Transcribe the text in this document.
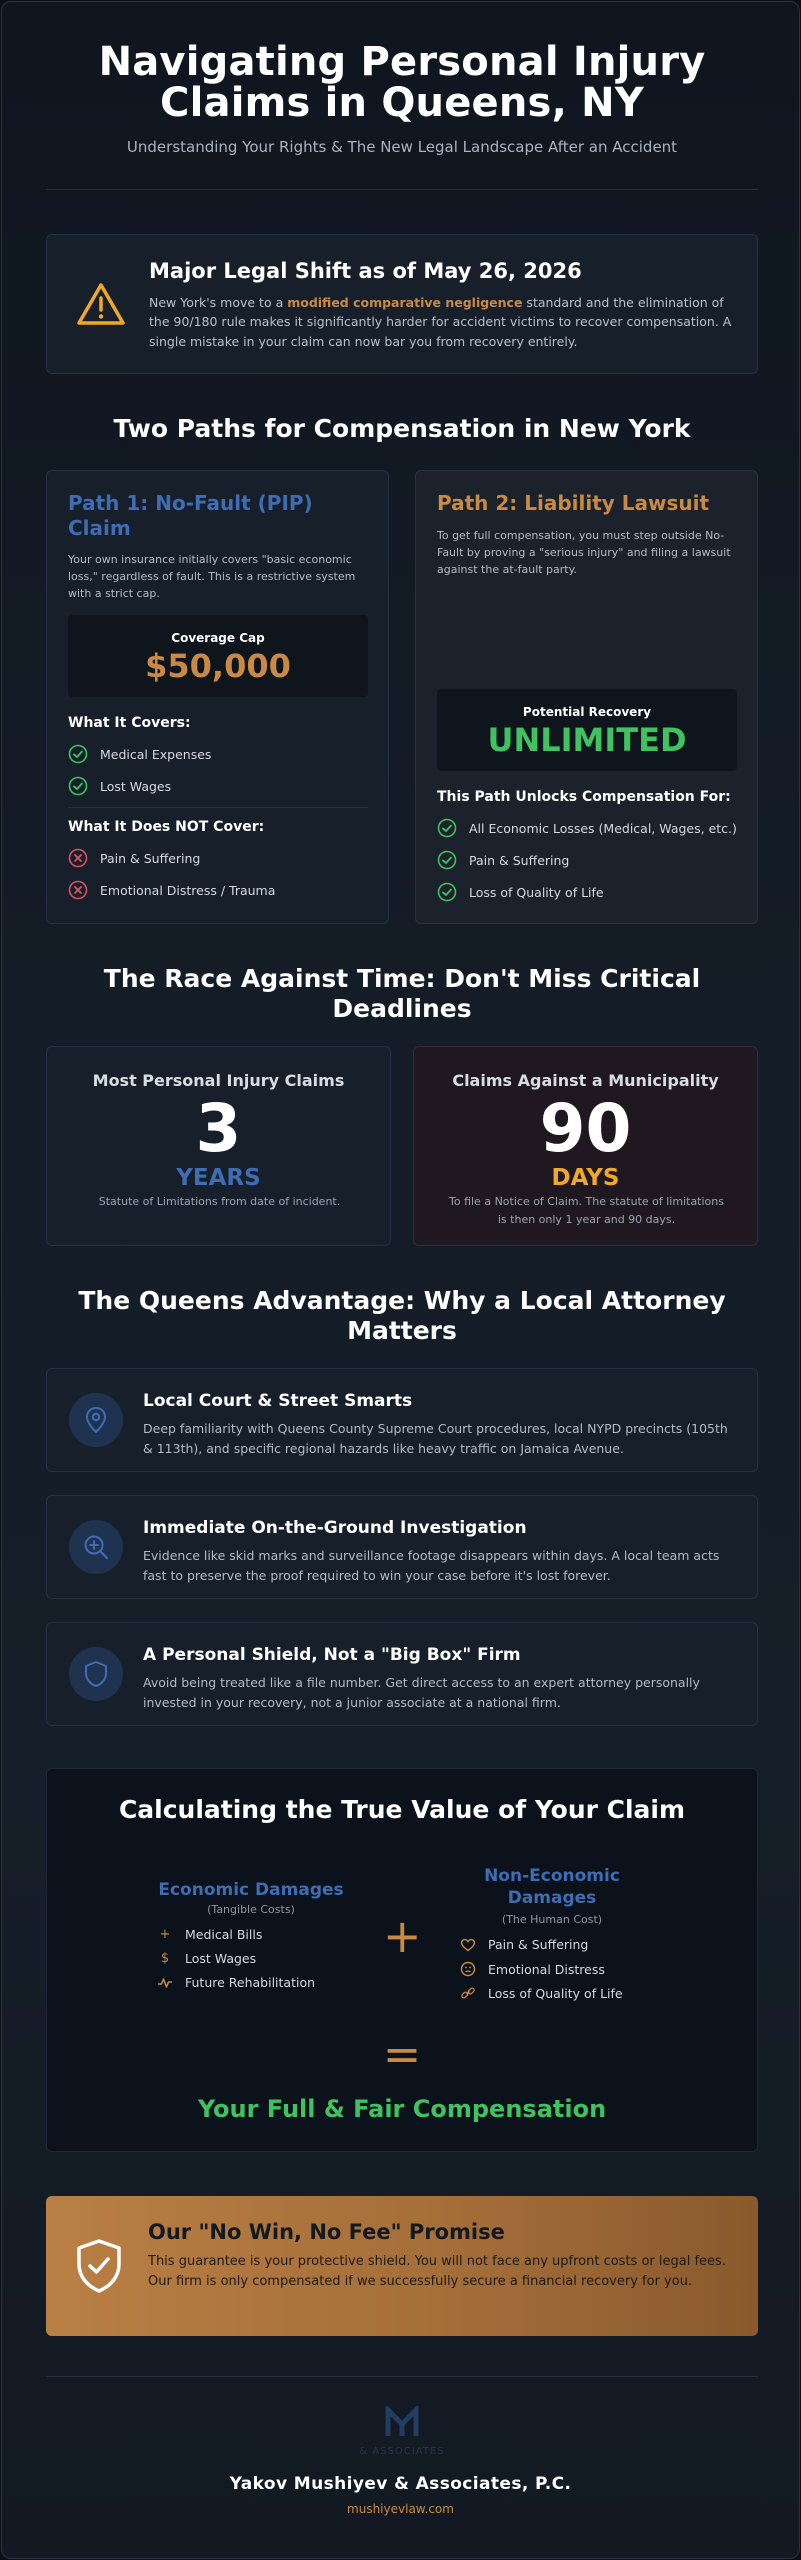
Navigating Personal Injury Claims in Queens, NY
Understanding Your Rights & The New Legal Landscape After an Accident
Major Legal Shift as of May 26, 2026

New York's move to a modified comparative negligence standard and the elimination of the 90/180 rule makes it significantly harder for accident victims to recover compensation. A single mistake in your claim can now bar you from recovery entirely.

Two Paths for Compensation in New York
Path 1: No-Fault (PIP) Claim
Your own insurance initially covers "basic economic loss," regardless of fault. This is a restrictive system with a strict cap.
Coverage Cap
$50,000
What It Covers:
Medical Expenses
Lost Wages
What It Does NOT Cover:
Pain & Suffering
Emotional Distress / Trauma
Path 2: Liability Lawsuit
To get full compensation, you must step outside No-Fault by proving a "serious injury" and filing a lawsuit against the at-fault party.
Potential Recovery
UNLIMITED
This Path Unlocks Compensation For:
All Economic Losses (Medical, Wages, etc.)
Pain & Suffering
Loss of Quality of Life
The Race Against Time: Don't Miss Critical Deadlines
Most Personal Injury Claims
3
YEARS
Statute of Limitations from date of incident.
Claims Against a Municipality
90
DAYS
To file a Notice of Claim. The statute of limitations is then only 1 year and 90 days.
The Queens Advantage: Why a Local Attorney Matters
Local Court & Street Smarts

Deep familiarity with Queens County Supreme Court procedures, local NYPD precincts (105th & 113th), and specific regional hazards like heavy traffic on Jamaica Avenue.

Immediate On-the-Ground Investigation

Evidence like skid marks and surveillance footage disappears within days. A local team acts fast to preserve the proof required to win your case before it's lost forever.

A Personal Shield, Not a "Big Box" Firm

Avoid being treated like a file number. Get direct access to an expert attorney personally invested in your recovery, not a junior associate at a national firm.

Calculating the True Value of Your Claim
Economic Damages
(Tangible Costs)
+ Medical Bills
$	Lost Wages
Future Rehabilitation
+
Non-Economic Damages
(The Human Cost)
Pain & Suffering
Emotional Distress
Loss of Quality of Life
=
Your Full & Fair Compensation
Our "No Win, No Fee" Promise

This guarantee is your protective shield. You will not face any upfront costs or legal fees. Our firm is only compensated if we successfully secure a financial recovery for you.

& ASSOCIATES
Yakov Mushiyev & Associates, P.C.
mushiyevlaw.com
